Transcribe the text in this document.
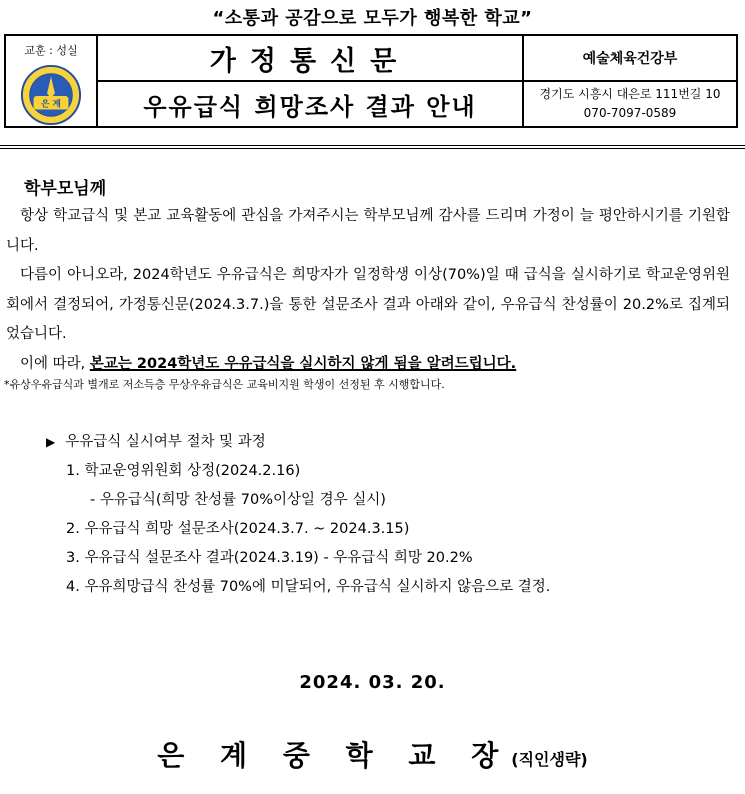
“소통과 공감으로 모두가 행복한 학교”
교훈 : 성실
은 계
가정통신문
우유급식 희망조사 결과 안내
예술체육건강부
경기도 시흥시 대은로 111번길 10
070-7097-0589
학부모님께

항상 학교급식 및 본교 교육활동에 관심을 가져주시는 학부모님께 감사를 드리며 가정이 늘 평안하시기를 기원합니다.

다름이 아니오라, 2024학년도 우유급식은 희망자가 일정학생 이상(70%)일 때 급식을 실시하기로 학교운영위원회에서 결정되어, 가정통신문(2024.3.7.)을 통한 설문조사 결과 아래와 같이, 우유급식 찬성률이 20.2%로 집계되었습니다.

이에 따라, 본교는 2024학년도 우유급식을 실시하지 않게 됨을 알려드립니다.

*유상우유급식과 별개로 저소득층 무상우유급식은 교육비지원 학생이 선정된 후 시행합니다.
▶ 우유급식 실시여부 절차 및 과정
1. 학교운영위원회 상정(2024.2.16)
- 우유급식(희망 찬성률 70%이상일 경우 실시)
2. 우유급식 희망 설문조사(2024.3.7. ~ 2024.3.15)
3. 우유급식 설문조사 결과(2024.3.19) - 우유급식 희망 20.2%
4. 우유희망급식 찬성률 70%에 미달되어, 우유급식 실시하지 않음으로 결정.
2024. 03. 20.
은 계 중 학 교 장(직인생략)
